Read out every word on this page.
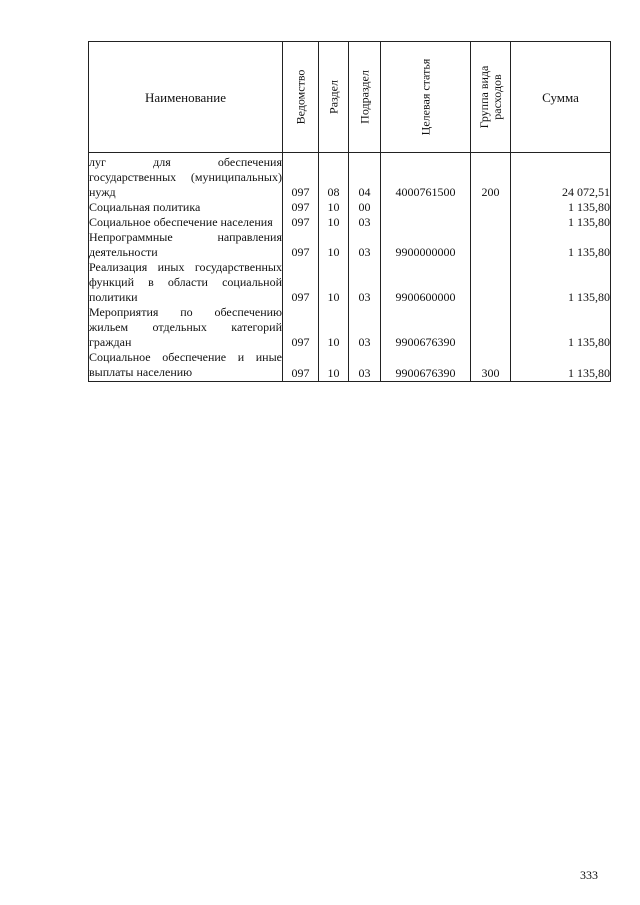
Наименование	Ведомство	Раздел	Подраздел	Целевая статья	Группа вида расходов	Сумма
луг для обеспечения государственных (муниципальных) нужд	097	08	04	4000761500	200	24 072,51
Социальная политика	097	10	00			1 135,80
Социальное обеспечение населения	097	10	03			1 135,80
Непрограммные направления деятельности	097	10	03	9900000000		1 135,80
Реализация иных государственных функций в области социальной политики	097	10	03	9900600000		1 135,80
Мероприятия по обеспечению жильем отдельных категорий граждан	097	10	03	9900676390		1 135,80
Социальное обеспечение и иные выплаты населению	097	10	03	9900676390	300	1 135,80
333
